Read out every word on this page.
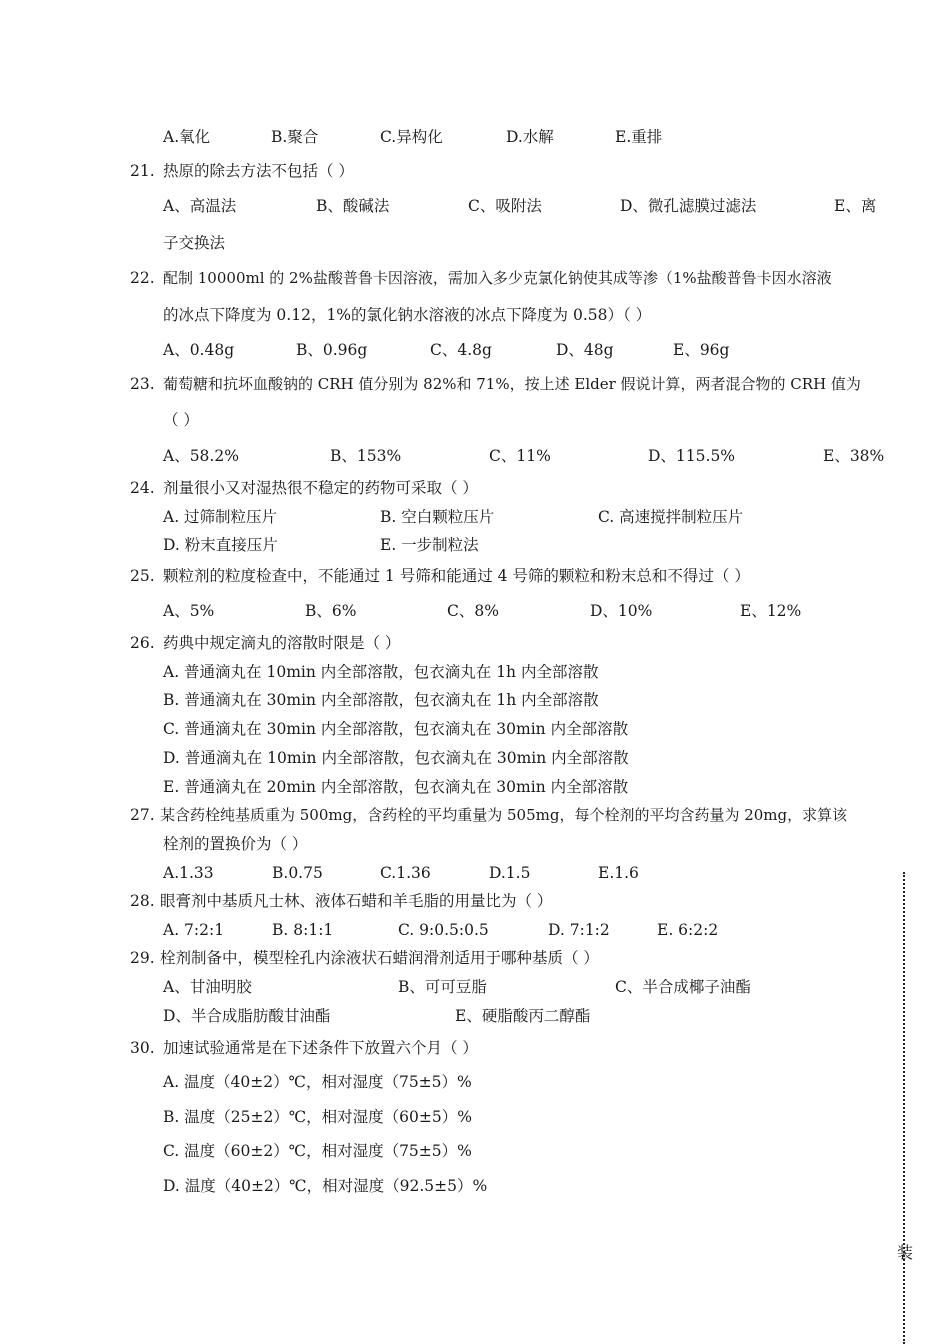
A.氧化	B.聚合	C.异构化	D.水解	E.重排
21. 热原的除去方法不包括（ ）
A、高温法	B、酸碱法	C、吸附法	D、微孔滤膜过滤法	E、离
子交换法
22. 配制 10000ml 的 2%盐酸普鲁卡因溶液，需加入多少克氯化钠使其成等渗（1%盐酸普鲁卡因水溶液
的冰点下降度为 0.12，1%的氯化钠水溶液的冰点下降度为 0.58）（ ）
A、0.48g	B、0.96g	C、4.8g	D、48g	E、96g
23. 葡萄糖和抗坏血酸钠的 CRH 值分别为 82%和 71%，按上述 Elder 假说计算，两者混合物的 CRH 值为
（ ）
A、58.2%	B、153%	C、11%	D、115.5%	E、38%
24. 剂量很小又对湿热很不稳定的药物可采取（ ）
A. 过筛制粒压片	B. 空白颗粒压片	C. 高速搅拌制粒压片
D. 粉末直接压片	E. 一步制粒法
25. 颗粒剂的粒度检查中，不能通过 1 号筛和能通过 4 号筛的颗粒和粉末总和不得过（ ）
A、5%	B、6%	C、8%	D、10%	E、12%
26. 药典中规定滴丸的溶散时限是（ ）
A. 普通滴丸在 10min 内全部溶散，包衣滴丸在 1h 内全部溶散
B. 普通滴丸在 30min 内全部溶散，包衣滴丸在 1h 内全部溶散
C. 普通滴丸在 30min 内全部溶散，包衣滴丸在 30min 内全部溶散
D. 普通滴丸在 10min 内全部溶散，包衣滴丸在 30min 内全部溶散
E. 普通滴丸在 20min 内全部溶散，包衣滴丸在 30min 内全部溶散
27. 某含药栓纯基质重为 500mg，含药栓的平均重量为 505mg，每个栓剂的平均含药量为 20mg，求算该
栓剂的置换价为（ ）
A.1.33	B.0.75	C.1.36	D.1.5	E.1.6
28. 眼膏剂中基质凡士林、液体石蜡和羊毛脂的用量比为（ ）
A. 7:2:1	B. 8:1:1	C. 9:0.5:0.5	D. 7:1:2	E. 6:2:2
29. 栓剂制备中，模型栓孔内涂液状石蜡润滑剂适用于哪种基质（ ）
A、甘油明胶	B、可可豆脂	C、半合成椰子油酯
D、半合成脂肪酸甘油酯	E、硬脂酸丙二醇酯
30. 加速试验通常是在下述条件下放置六个月（ ）
A. 温度（40±2）℃，相对湿度（75±5）%
B. 温度（25±2）℃，相对湿度（60±5）%
C. 温度（60±2）℃，相对湿度（75±5）%
D. 温度（40±2）℃，相对湿度（92.5±5）%
装
